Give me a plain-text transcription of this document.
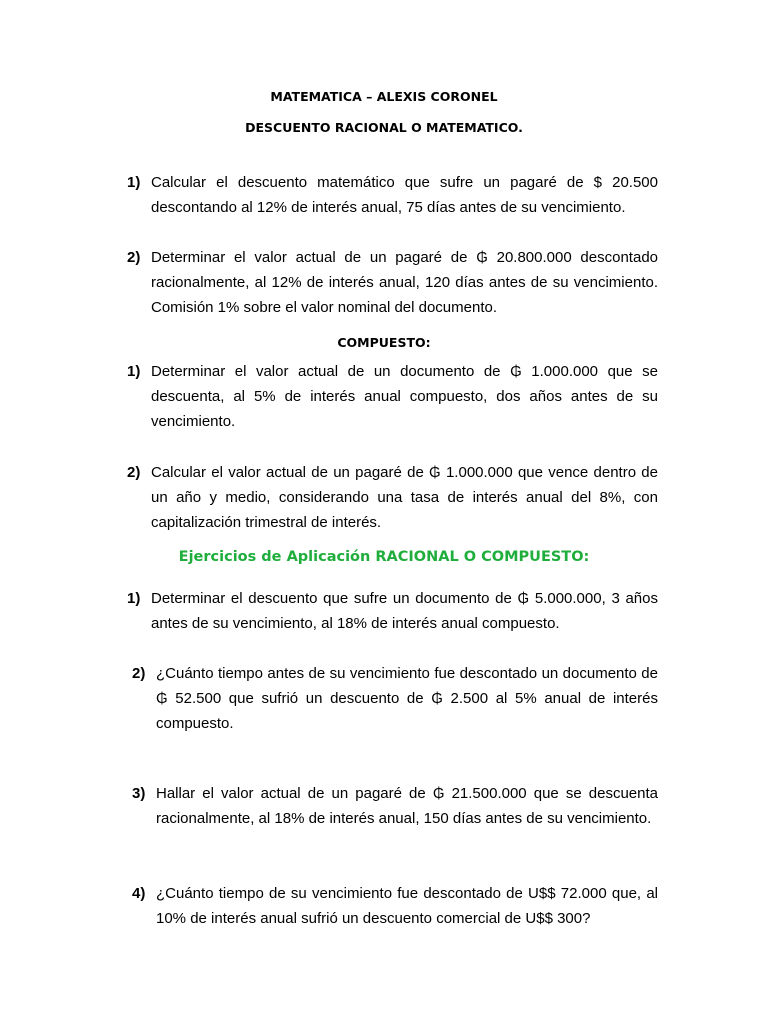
MATEMATICA – ALEXIS CORONEL
DESCUENTO RACIONAL O MATEMATICO.
1) Calcular el descuento matemático que sufre un pagaré de $ 20.500 descontando al 12% de interés anual, 75 días antes de su vencimiento.
2) Determinar el valor actual de un pagaré de ₲ 20.800.000 descontado racionalmente, al 12% de interés anual, 120 días antes de su vencimiento. Comisión 1% sobre el valor nominal del documento.
COMPUESTO:
1) Determinar el valor actual de un documento de ₲ 1.000.000 que se descuenta, al 5% de interés anual compuesto, dos años antes de su vencimiento.
2) Calcular el valor actual de un pagaré de ₲ 1.000.000 que vence dentro de un año y medio, considerando una tasa de interés anual del 8%, con capitalización trimestral de interés.
Ejercicios de Aplicación RACIONAL O COMPUESTO:
1) Determinar el descuento que sufre un documento de ₲ 5.000.000, 3 años antes de su vencimiento, al 18% de interés anual compuesto.
2) ¿Cuánto tiempo antes de su vencimiento fue descontado un documento de ₲ 52.500 que sufrió un descuento de ₲ 2.500 al 5% anual de interés compuesto.
3) Hallar el valor actual de un pagaré de ₲ 21.500.000 que se descuenta racionalmente, al 18% de interés anual, 150 días antes de su vencimiento.
4) ¿Cuánto tiempo de su vencimiento fue descontado de U$$ 72.000 que, al 10% de interés anual sufrió un descuento comercial de U$$ 300?
